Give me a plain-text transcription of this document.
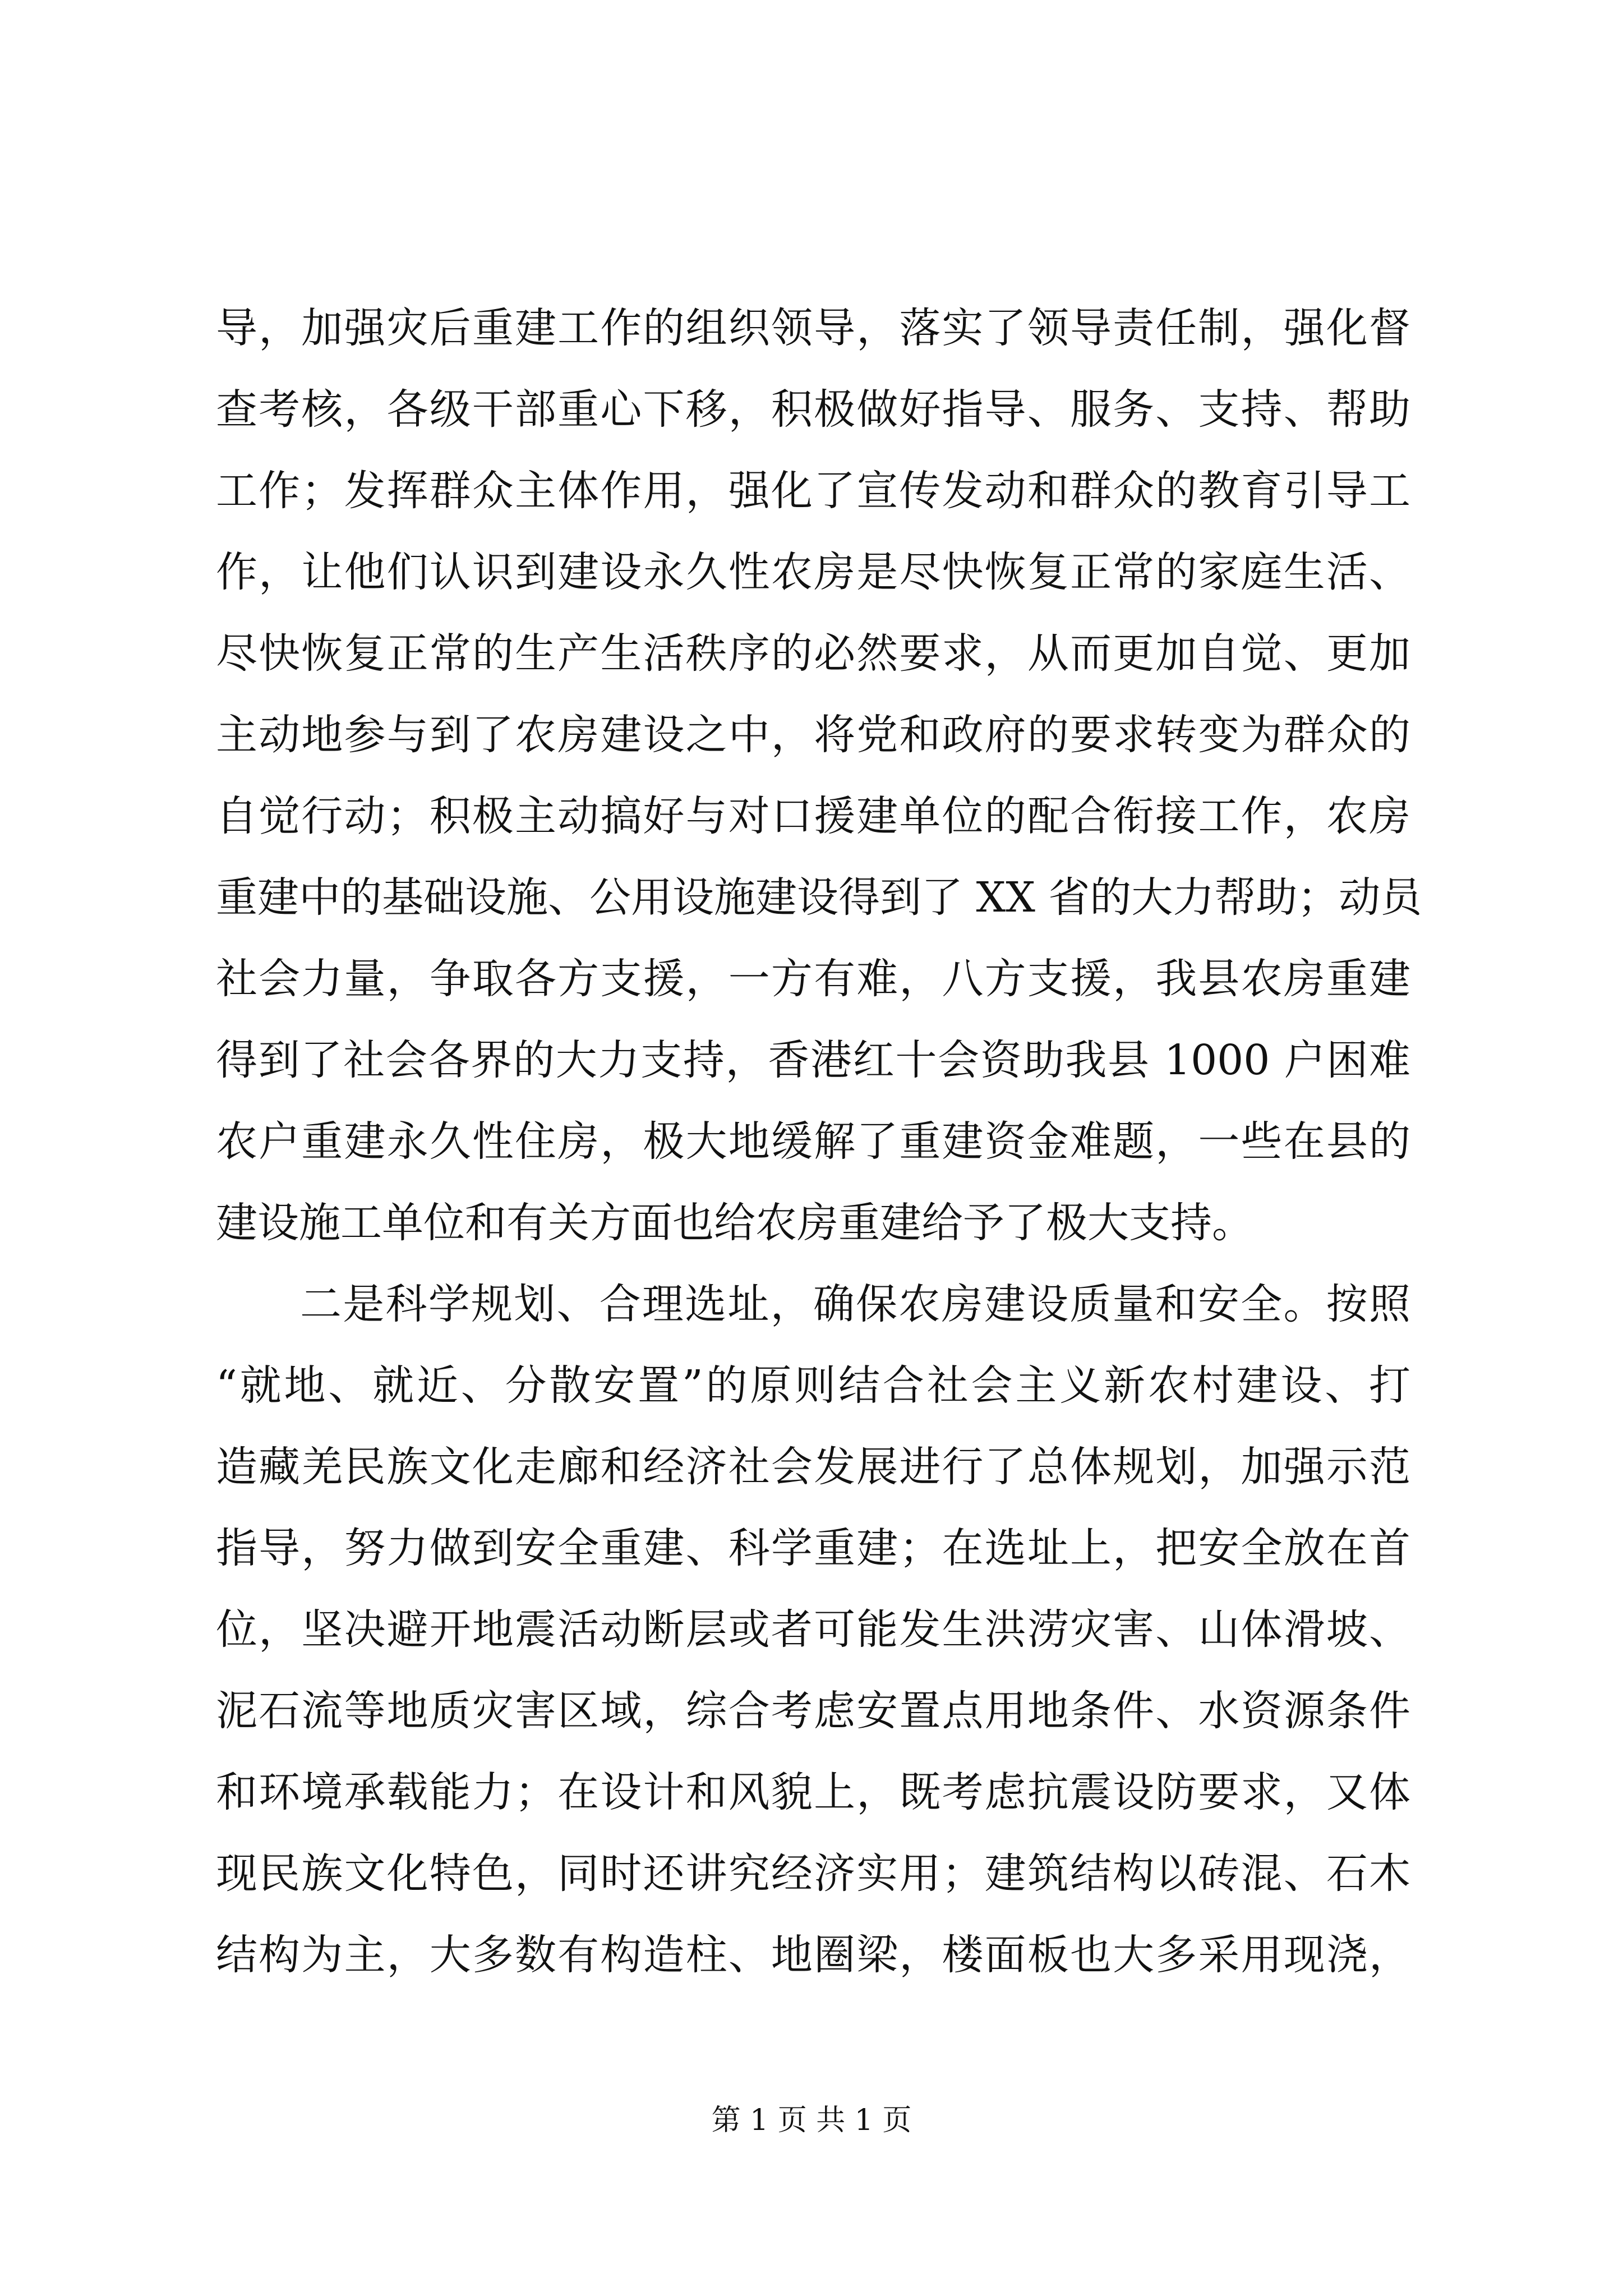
导，加强灾后重建工作的组织领导，落实了领导责任制，强化督
查考核，各级干部重心下移，积极做好指导、服务、支持、帮助
工作；发挥群众主体作用，强化了宣传发动和群众的教育引导工
作，让他们认识到建设永久性农房是尽快恢复正常的家庭生活、
尽快恢复正常的生产生活秩序的必然要求，从而更加自觉、更加
主动地参与到了农房建设之中，将党和政府的要求转变为群众的
自觉行动；积极主动搞好与对口援建单位的配合衔接工作，农房
重建中的基础设施、公用设施建设得到了 XX 省的大力帮助；动员
社会力量，争取各方支援，一方有难，八方支援，我县农房重建
得到了社会各界的大力支持，香港红十会资助我县 1000 户困难
农户重建永久性住房，极大地缓解了重建资金难题，一些在县的
建设施工单位和有关方面也给农房重建给予了极大支持。
二是科学规划、合理选址，确保农房建设质量和安全。按照
“就地、就近、分散安置”的原则结合社会主义新农村建设、打
造藏羌民族文化走廊和经济社会发展进行了总体规划，加强示范
指导，努力做到安全重建、科学重建；在选址上，把安全放在首
位，坚决避开地震活动断层或者可能发生洪涝灾害、山体滑坡、
泥石流等地质灾害区域，综合考虑安置点用地条件、水资源条件
和环境承载能力；在设计和风貌上，既考虑抗震设防要求，又体
现民族文化特色，同时还讲究经济实用；建筑结构以砖混、石木
结构为主，大多数有构造柱、地圈梁，楼面板也大多采用现浇，
第 1 页 共 1 页
